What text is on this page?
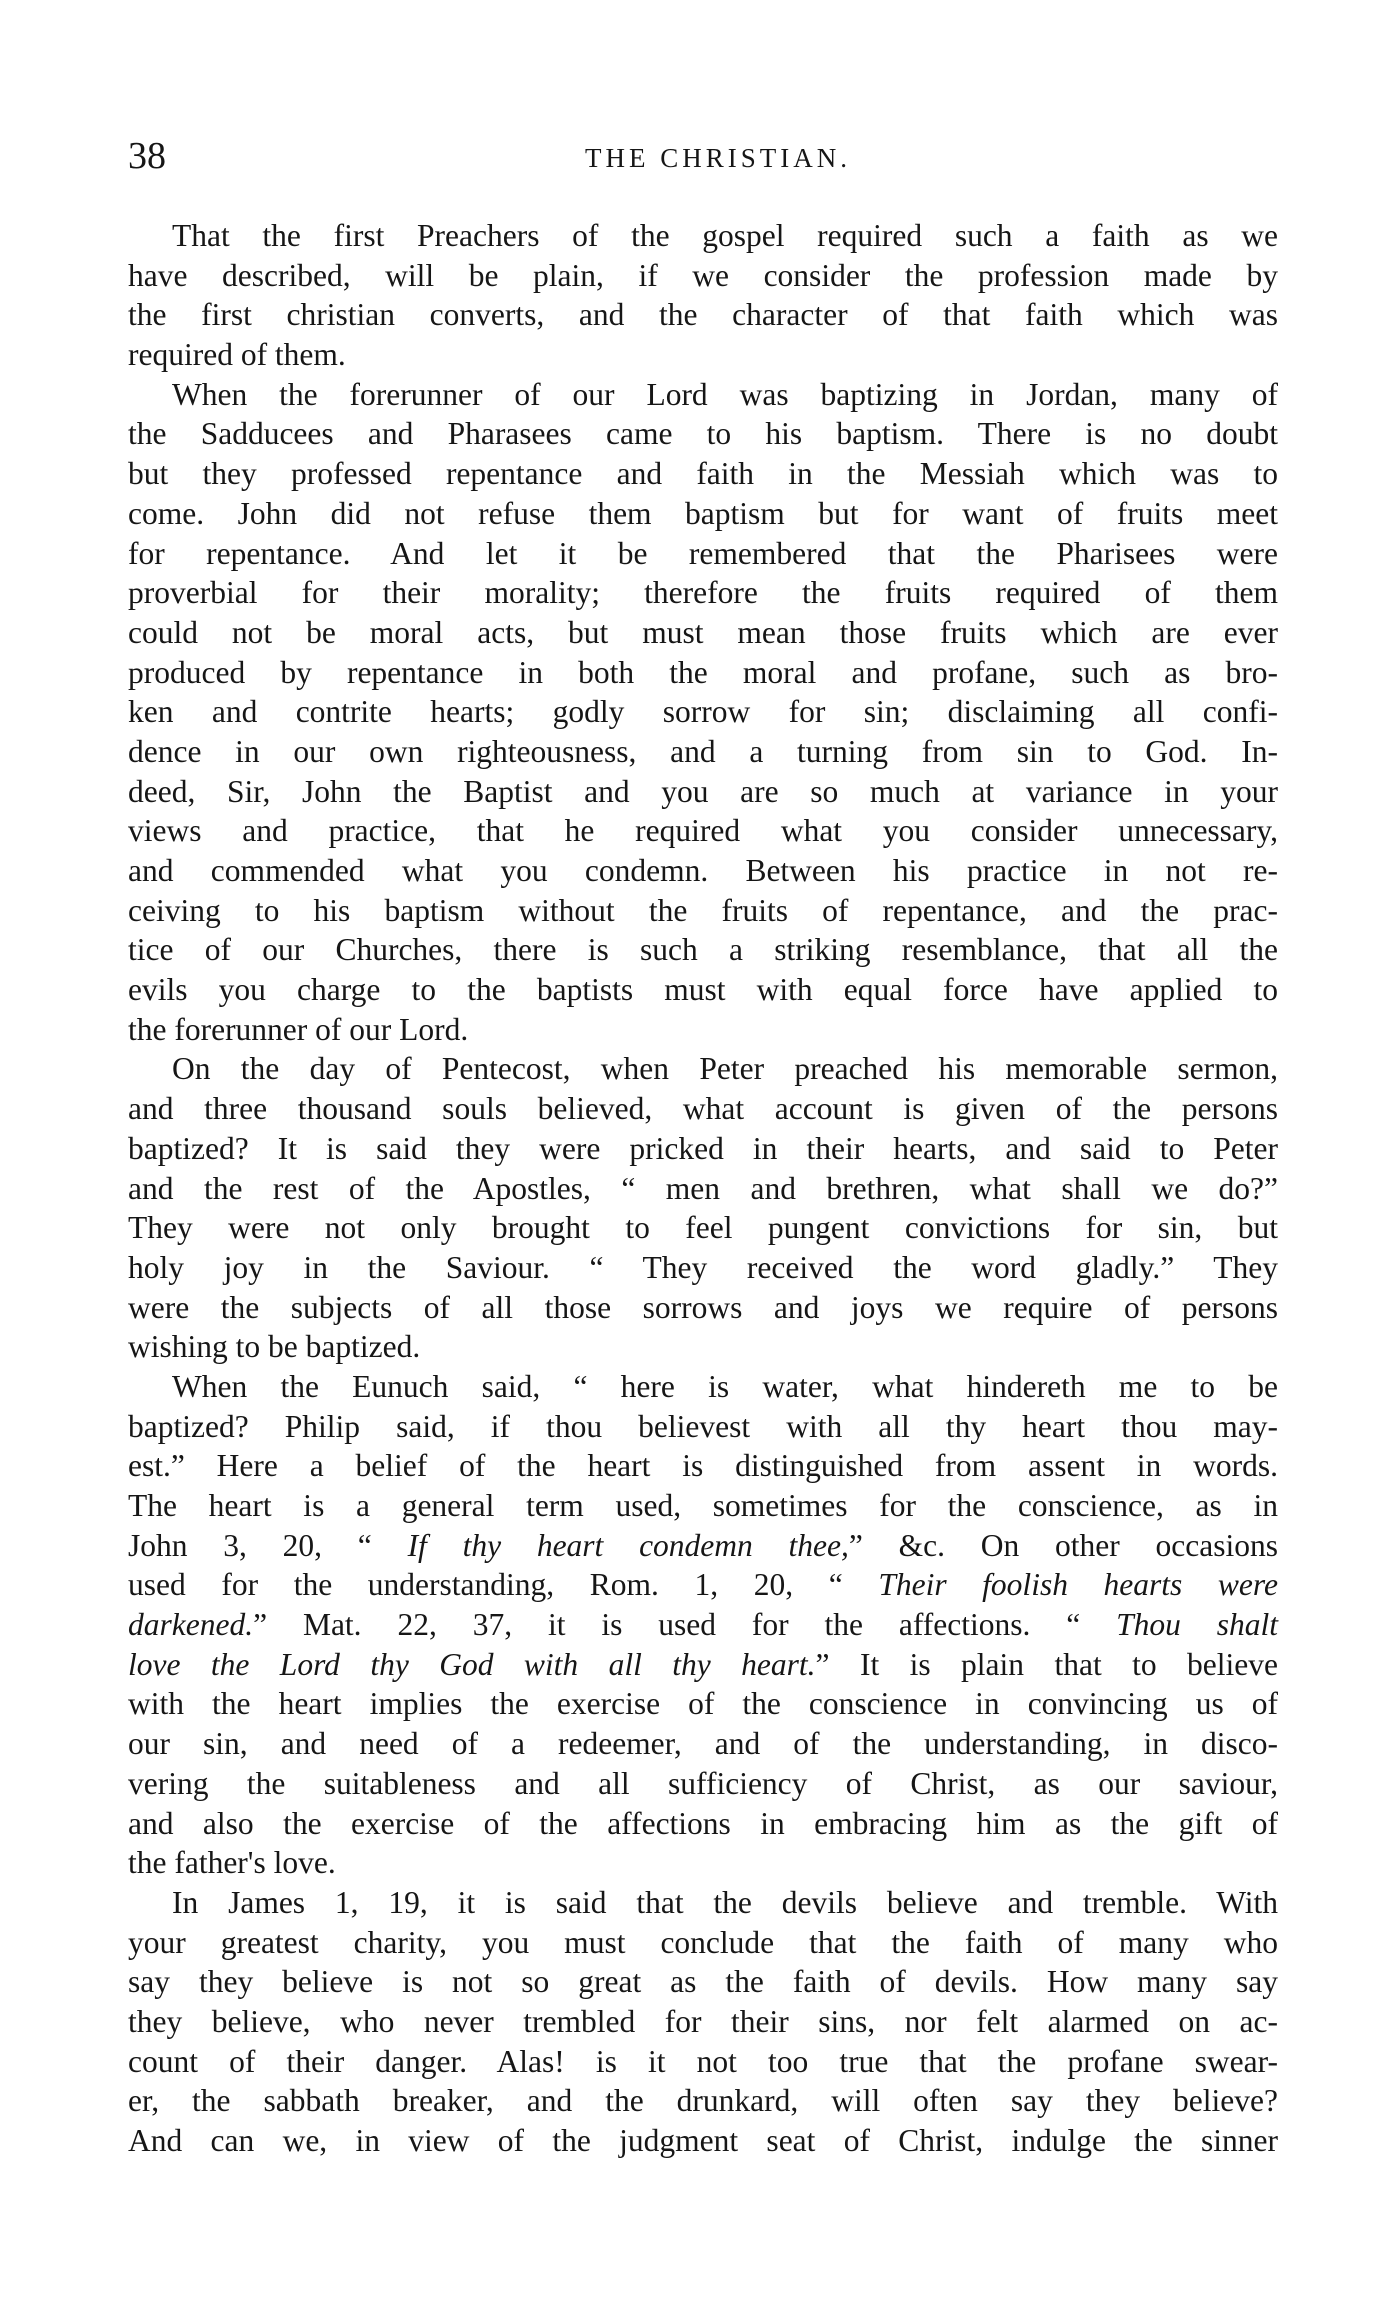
38	THE CHRISTIAN.
That the first Preachers of the gospel required such a faith as we
have described, will be plain, if we consider the profession made by
the first christian converts, and the character of that faith which was
required of them.
When the forerunner of our Lord was baptizing in Jordan, many of
the Sadducees and Pharasees came to his baptism. There is no doubt
but they professed repentance and faith in the Messiah which was to
come. John did not refuse them baptism but for want of fruits meet
for repentance. And let it be remembered that the Pharisees were
proverbial for their morality; therefore the fruits required of them
could not be moral acts, but must mean those fruits which are ever
produced by repentance in both the moral and profane, such as bro-
ken and contrite hearts; godly sorrow for sin; disclaiming all confi-
dence in our own righteousness, and a turning from sin to God. In-
deed, Sir, John the Baptist and you are so much at variance in your
views and practice, that he required what you consider unnecessary,
and commended what you condemn. Between his practice in not re-
ceiving to his baptism without the fruits of repentance, and the prac-
tice of our Churches, there is such a striking resemblance, that all the
evils you charge to the baptists must with equal force have applied to
the forerunner of our Lord.
On the day of Pentecost, when Peter preached his memorable sermon,
and three thousand souls believed, what account is given of the persons
baptized? It is said they were pricked in their hearts, and said to Peter
and the rest of the Apostles, “ men and brethren, what shall we do?”
They were not only brought to feel pungent convictions for sin, but
holy joy in the Saviour. “ They received the word gladly.” They
were the subjects of all those sorrows and joys we require of persons
wishing to be baptized.
When the Eunuch said, “ here is water, what hindereth me to be
baptized? Philip said, if thou believest with all thy heart thou may-
est.” Here a belief of the heart is distinguished from assent in words.
The heart is a general term used, sometimes for the conscience, as in
John 3, 20, “ If thy heart condemn thee,” &c. On other occasions
used for the understanding, Rom. 1, 20, “ Their foolish hearts were
darkened.” Mat. 22, 37, it is used for the affections. “ Thou shalt
love the Lord thy God with all thy heart.” It is plain that to believe
with the heart implies the exercise of the conscience in convincing us of
our sin, and need of a redeemer, and of the understanding, in disco-
vering the suitableness and all sufficiency of Christ, as our saviour,
and also the exercise of the affections in embracing him as the gift of
the father's love.
In James 1, 19, it is said that the devils believe and tremble. With
your greatest charity, you must conclude that the faith of many who
say they believe is not so great as the faith of devils. How many say
they believe, who never trembled for their sins, nor felt alarmed on ac-
count of their danger. Alas! is it not too true that the profane swear-
er, the sabbath breaker, and the drunkard, will often say they believe?
And can we, in view of the judgment seat of Christ, indulge the sinner
